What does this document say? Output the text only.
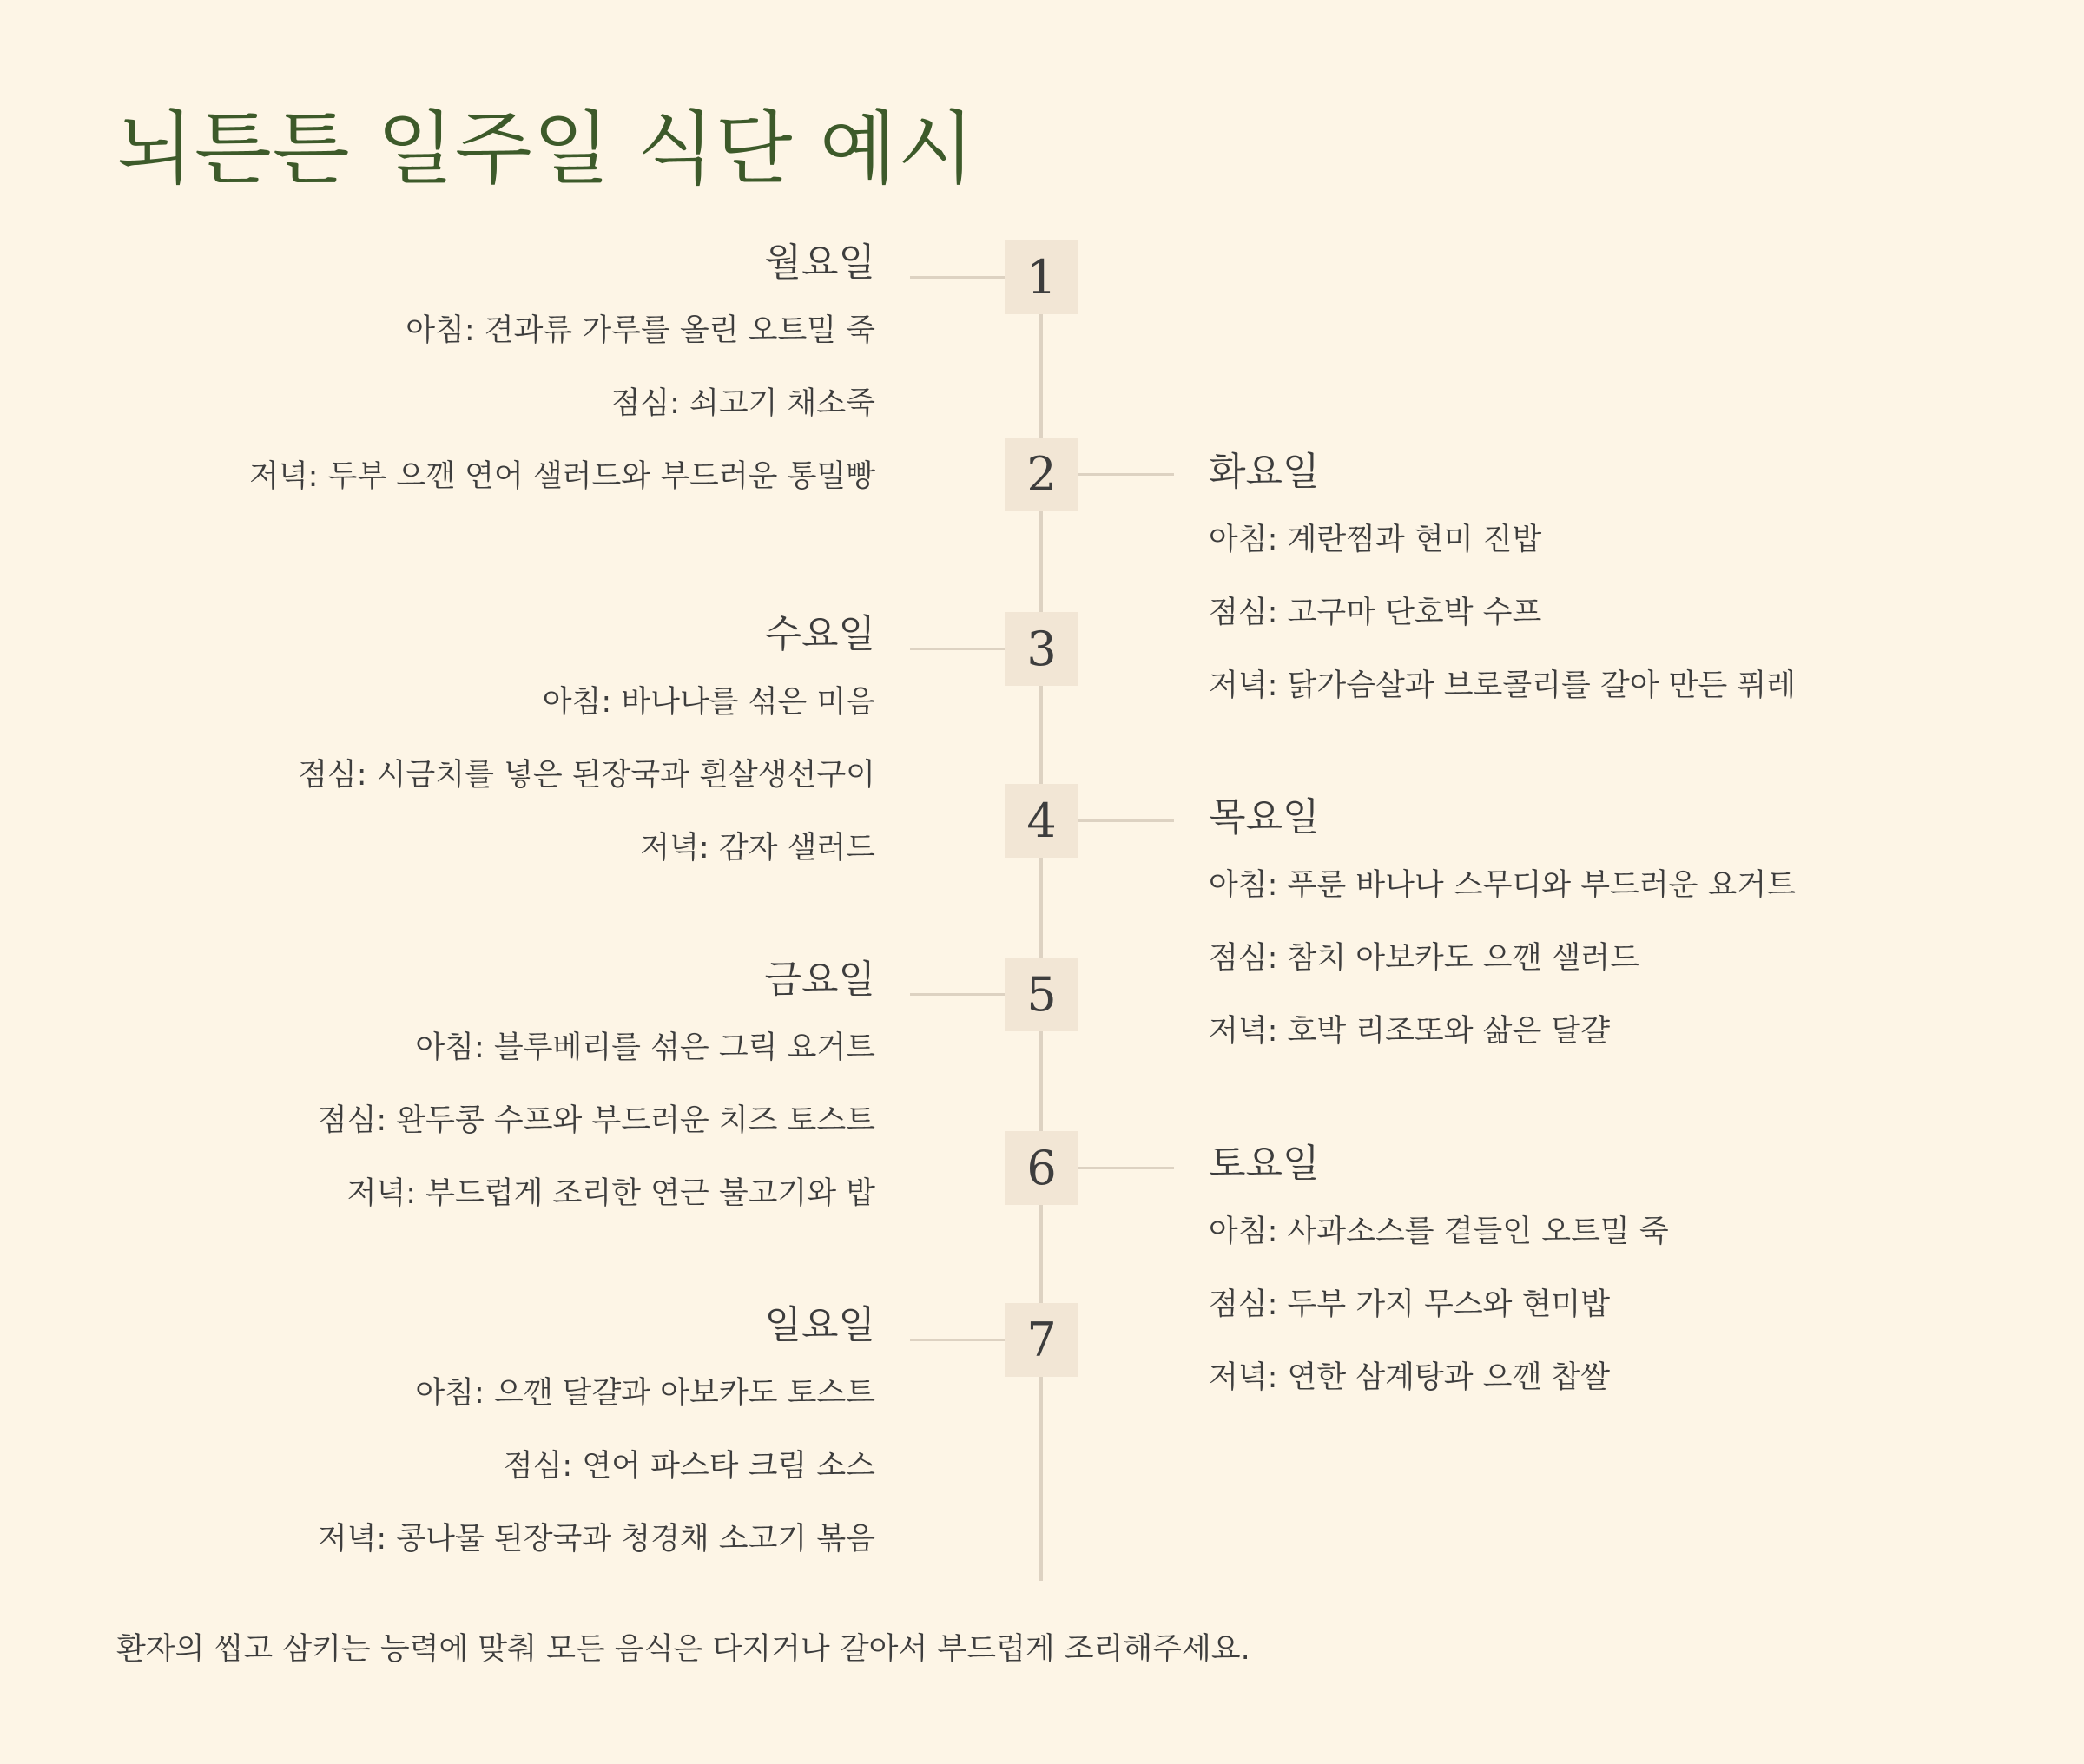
뇌튼튼 일주일 식단 예시
1
월요일
아침: 견과류 가루를 올린 오트밀 죽
점심: 쇠고기 채소죽
저녁: 두부 으깬 연어 샐러드와 부드러운 통밀빵	2	화요일
아침: 계란찜과 현미 진밥
점심: 고구마 단호박 수프
저녁: 닭가슴살과 브로콜리를 갈아 만든 퓌레
3
수요일
아침: 바나나를 섞은 미음
점심: 시금치를 넣은 된장국과 흰살생선구이
저녁: 감자 샐러드	4	목요일
아침: 푸룬 바나나 스무디와 부드러운 요거트
점심: 참치 아보카도 으깬 샐러드
저녁: 호박 리조또와 삶은 달걀
5
금요일
아침: 블루베리를 섞은 그릭 요거트
점심: 완두콩 수프와 부드러운 치즈 토스트
저녁: 부드럽게 조리한 연근 불고기와 밥	6	토요일
아침: 사과소스를 곁들인 오트밀 죽
점심: 두부 가지 무스와 현미밥
저녁: 연한 삼계탕과 으깬 찹쌀
7
일요일
아침: 으깬 달걀과 아보카도 토스트
점심: 연어 파스타 크림 소스
저녁: 콩나물 된장국과 청경채 소고기 볶음
환자의 씹고 삼키는 능력에 맞춰 모든 음식은 다지거나 갈아서 부드럽게 조리해주세요.
